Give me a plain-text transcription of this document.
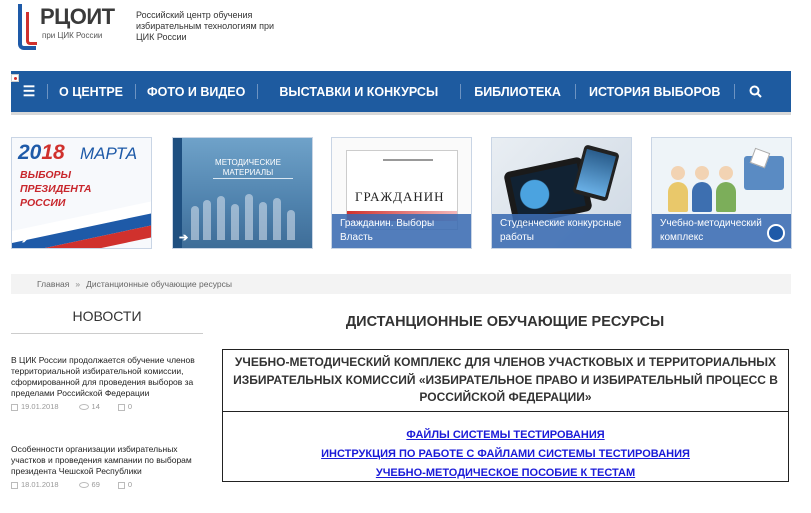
РЦОИТ
при ЦИК России
Российский центр обучения избирательным технологиям при ЦИК России
☰	О ЦЕНТРЕ	ФОТО И ВИДЕО	ВЫСТАВКИ И КОНКУРСЫ	БИБЛИОТЕКА	ИСТОРИЯ ВЫБОРОВ
2018 МАРТА
ВЫБОРЫ
ПРЕЗИДЕНТА
РОССИИ
➔
МЕТОДИЧЕСКИЕ МАТЕРИАЛЫ
➔
ГРАЖДАНИН
Гражданин. Выборы Власть
Студенческие конкурсные работы
Учебно-методический комплекс
Главная » Дистанционные обучающие ресурсы
НОВОСТИ
В ЦИК России продолжается обучение членов территориальной избирательной комиссии, сформированной для проведения выборов за пределами Российской Федерации
19.01.2018	14	0
Особенности организации избирательных участков и проведения кампании по выборам президента Чешской Республики
18.01.2018	69	0
ДИСТАНЦИОННЫЕ ОБУЧАЮЩИЕ РЕСУРСЫ
УЧЕБНО-МЕТОДИЧЕСКИЙ КОМПЛЕКС ДЛЯ ЧЛЕНОВ УЧАСТКОВЫХ И ТЕРРИТОРИАЛЬНЫХ ИЗБИРАТЕЛЬНЫХ КОМИССИЙ «ИЗБИРАТЕЛЬНОЕ ПРАВО И ИЗБИРАТЕЛЬНЫЙ ПРОЦЕСС В РОССИЙСКОЙ ФЕДЕРАЦИИ»
ФАЙЛЫ СИСТЕМЫ ТЕСТИРОВАНИЯ
ИНСТРУКЦИЯ ПО РАБОТЕ С ФАЙЛАМИ СИСТЕМЫ ТЕСТИРОВАНИЯ
УЧЕБНО-МЕТОДИЧЕСКОЕ ПОСОБИЕ К ТЕСТАМ
